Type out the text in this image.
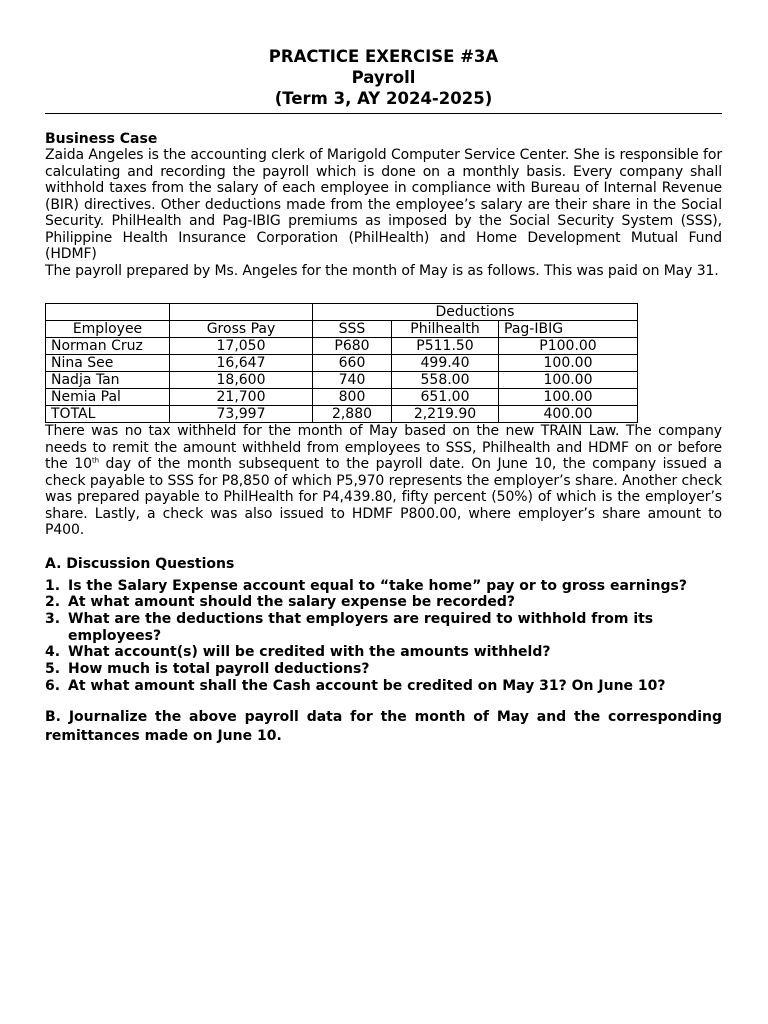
PRACTICE EXERCISE #3A
Payroll
(Term 3, AY 2024-2025)
Business Case

Zaida Angeles is the accounting clerk of Marigold Computer Service Center. She is responsible for calculating and recording the payroll which is done on a monthly basis. Every company shall withhold taxes from the salary of each employee in compliance with Bureau of Internal Revenue (BIR) directives. Other deductions made from the employee’s salary are their share in the Social Security. PhilHealth and Pag-IBIG premiums as imposed by the Social Security System (SSS), Philippine Health Insurance Corporation (PhilHealth) and Home Development Mutual Fund (HDMF)

The payroll prepared by Ms. Angeles for the month of May is as follows. This was paid on May 31.

		Deductions		
Employee	Gross Pay	SSS	Philhealth	Pag-IBIG
Norman Cruz	17,050	P680	P511.50	P100.00
Nina See	16,647	660	499.40	100.00
Nadja Tan	18,600	740	558.00	100.00
Nemia Pal	21,700	800	651.00	100.00
TOTAL	73,997	2,880	2,219.90	400.00

There was no tax withheld for the month of May based on the new TRAIN Law. The company needs to remit the amount withheld from employees to SSS, Philhealth and HDMF on or before the 10th day of the month subsequent to the payroll date. On June 10, the company issued a check payable to SSS for P8,850 of which P5,970 represents the employer’s share. Another check was prepared payable to PhilHealth for P4,439.80, fifty percent (50%) of which is the employer’s share. Lastly, a check was also issued to HDMF P800.00, where employer’s share amount to P400.

A. Discussion Questions
1. Is the Salary Expense account equal to “take home” pay or to gross earnings?
2. At what amount should the salary expense be recorded?
3. What are the deductions that employers are required to withhold from its employees?
4. What account(s) will be credited with the amounts withheld?
5. How much is total payroll deductions?
6. At what amount shall the Cash account be credited on May 31? On June 10?

B. Journalize the above payroll data for the month of May and the corresponding remittances made on June 10.
